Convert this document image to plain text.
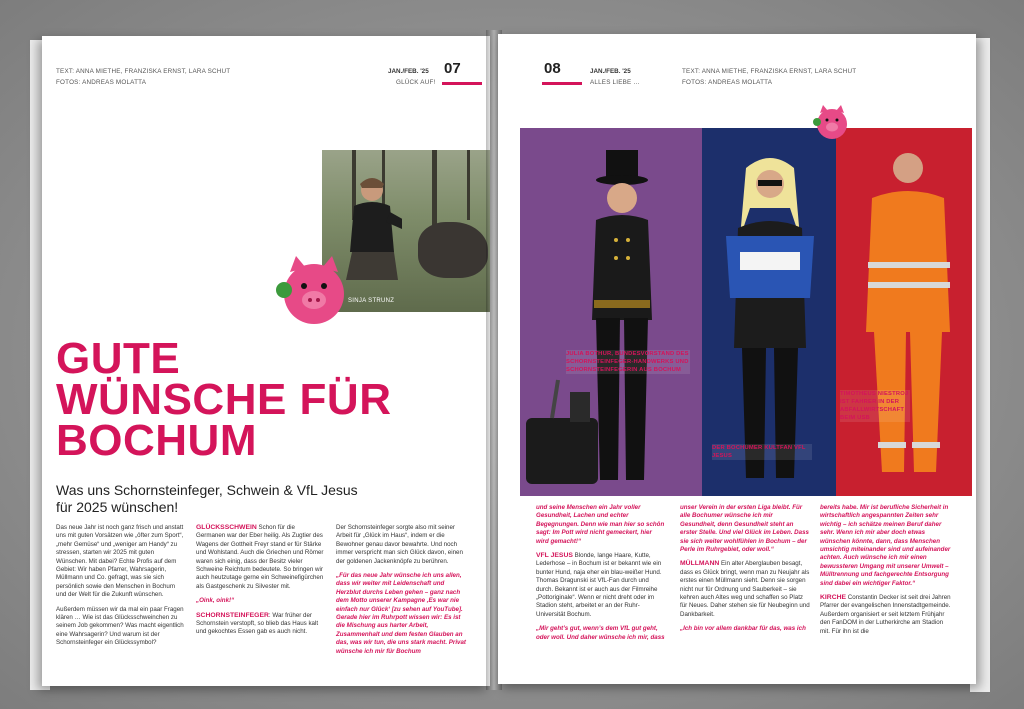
TEXT: ANNA MIETHE, FRANZISKA ERNST, LARA SCHUT
FOTOS: ANDREAS MOLATTA
JAN./FEB. '25
GLÜCK AUF!
07
SINJA STRUNZ
GUTE
WÜNSCHE FÜR
BOCHUM
Was uns Schornsteinfeger, Schwein & VfL Jesus für 2025 wünschen!

Das neue Jahr ist noch ganz frisch und anstatt uns mit guten Vorsätzen wie „öfter zum Sport“, „mehr Gemüse“ und „weniger am Handy“ zu stressen, starten wir 2025 mit guten Wünschen. Mit dabei? Echte Profis auf dem Gebiet: Wir haben Pfarrer, Wahrsagerin, Müllmann und Co. gefragt, was sie sich persönlich sowie den Menschen in Bochum und der Welt für die Zukunft wünschen.

Außerdem müssen wir da mal ein paar Fragen klären … Wie ist das Glücksschweinchen zu seinem Job gekommen? Was macht eigentlich eine Wahrsagerin? Und warum ist der Schornsteinfeger ein Glückssymbol?

GLÜCKSSCHWEIN Schon für die Germanen war der Eber heilig. Als Zugtier des Wagens der Gottheit Freyr stand er für Stärke und Wohlstand. Auch die Griechen und Römer waren sich einig, dass der Besitz vieler Schweine Reichtum bedeutete. So bringen wir auch heutzutage gerne ein Schweinefigürchen als Gastgeschenk zu Silvester mit.

„Oink, oink!“

SCHORNSTEINFEGER: War früher der Schornstein verstopft, so blieb das Haus kalt und gekochtes Essen gab es auch nicht.

Der Schornsteinfeger sorgte also mit seiner Arbeit für „Glück im Haus“, indem er die Bewohner genau davor bewahrte. Und noch immer verspricht man sich Glück davon, einen der goldenen Jackenknöpfe zu berühren.

„Für das neue Jahr wünsche ich uns allen, dass wir weiter mit Leidenschaft und Herzblut durchs Leben gehen – ganz nach dem Motto unserer Kampagne ‚Es war nie einfach nur Glück‘ [zu sehen auf YouTube]. Gerade hier im Ruhrpott wissen wir: Es ist die Mischung aus harter Arbeit, Zusammenhalt und dem festen Glauben an das, was wir tun, die uns stark macht. Privat wünsche ich mir für Bochum

08	JAN./FEB. '25
ALLES LIEBE …
TEXT: ANNA MIETHE, FRANZISKA ERNST, LARA SCHUT
FOTOS: ANDREAS MOLATTA
JULIA BOTHUR, BUNDESVORSTAND DES SCHORNSTEINFEGER-HANDWERKS UND SCHORNSTEINFEGERIN AUS BOCHUM
DER BOCHUMER KULTFAN VFL JESUS
TIMOTHEUS NIESTROJ IST FAHRER IN DER ABFALLWIRTSCHAFT BEIM USB

und seine Menschen ein Jahr voller Gesundheit, Lachen und echter Begegnungen. Denn wie man hier so schön sagt: Im Pott wird nicht gemeckert, hier wird gemacht!“

VFL JESUS Blonde, lange Haare, Kutte, Lederhose – in Bochum ist er bekannt wie ein bunter Hund, naja eher ein blau-weißer Hund. Thomas Dragunski ist VfL-Fan durch und durch. Bekannt ist er auch aus der Filmreihe „Pottoriginale“. Wenn er nicht dreht oder im Stadion steht, arbeitet er an der Ruhr-Universität Bochum.

„Mir geht’s gut, wenn’s dem VfL gut geht, oder woll. Und daher wünsche ich mir, dass

unser Verein in der ersten Liga bleibt. Für alle Bochumer wünsche ich mir Gesundheit, denn Gesundheit steht an erster Stelle. Und viel Glück im Leben. Dass sie sich weiter wohlfühlen in Bochum – der Perle im Ruhrgebiet, oder woll.“

MÜLLMANN Ein alter Aberglauben besagt, dass es Glück bringt, wenn man zu Neujahr als erstes einen Müllmann sieht. Denn sie sorgen nicht nur für Ordnung und Sauberkeit – sie kehren auch Altes weg und schaffen so Platz für Neues. Daher stehen sie für Neubeginn und Dankbarkeit.

„Ich bin vor allem dankbar für das, was ich

bereits habe. Mir ist berufliche Sicherheit in wirtschaftlich angespannten Zeiten sehr wichtig – ich schätze meinen Beruf daher sehr. Wenn ich mir aber doch etwas wünschen könnte, dann, dass Menschen umsichtig miteinander sind und aufeinander achten. Auch wünsche ich mir einen bewussteren Umgang mit unserer Umwelt – Mülltrennung und fachgerechte Entsorgung sind dabei ein wichtiger Faktor.“

KIRCHE Constantin Decker ist seit drei Jahren Pfarrer der evangelischen Innenstadtgemeinde. Außerdem organisiert er seit letztem Frühjahr den FanDOM in der Lutherkirche am Stadion mit. Für ihn ist die
